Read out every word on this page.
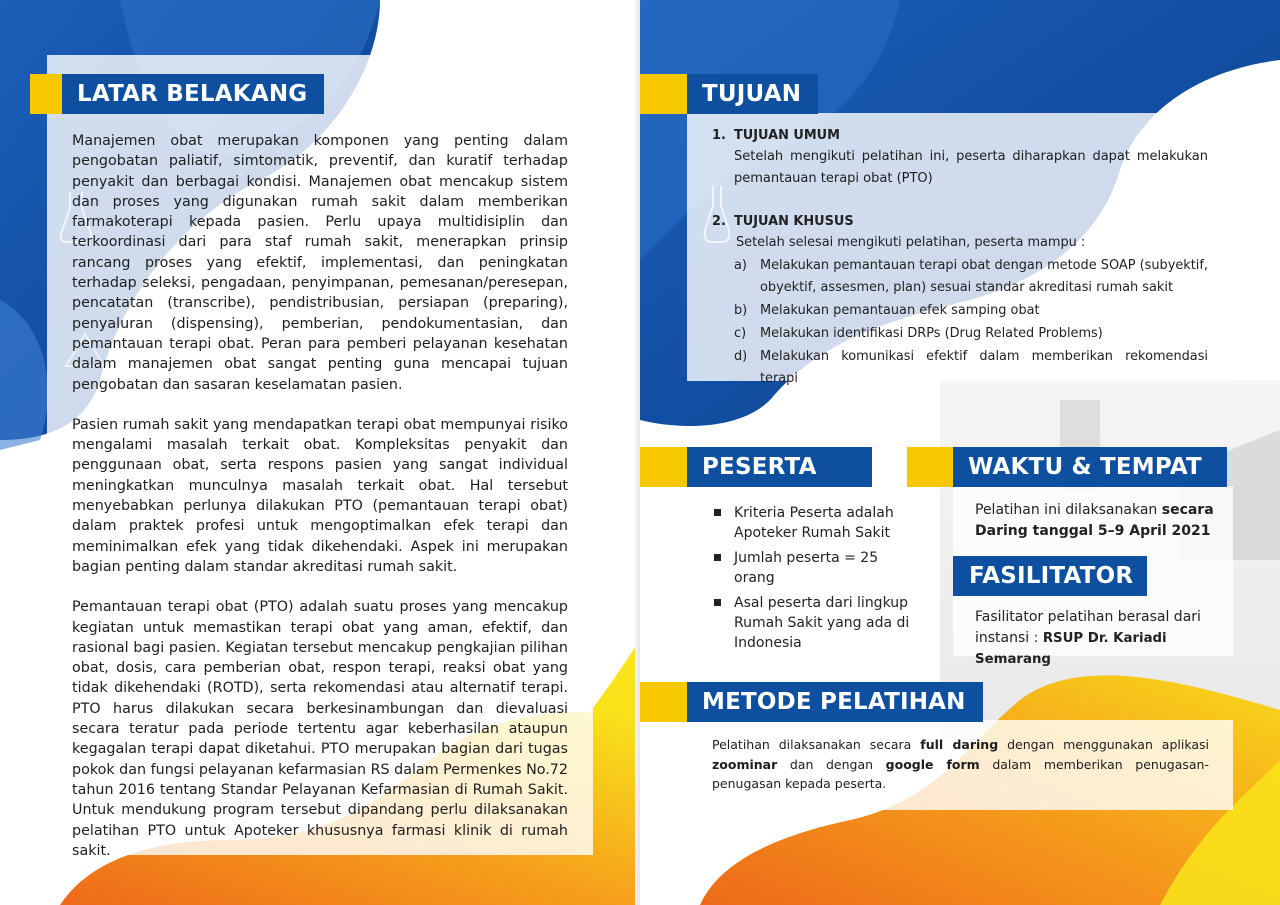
LATAR BELAKANG

Manajemen obat merupakan komponen yang penting dalam pengobatan paliatif, simtomatik, preventif, dan kuratif terhadap penyakit dan berbagai kondisi. Manajemen obat mencakup sistem dan proses yang digunakan rumah sakit dalam memberikan farmakoterapi kepada pasien. Perlu upaya multidisiplin dan terkoordinasi dari para staf rumah sakit, menerapkan prinsip rancang proses yang efektif, implementasi, dan peningkatan terhadap seleksi, pengadaan, penyimpanan, pemesanan/peresepan, pencatatan (transcribe), pendistribusian, persiapan (preparing), penyaluran (dispensing), pemberian, pendokumentasian, dan pemantauan terapi obat. Peran para pemberi pelayanan kesehatan dalam manajemen obat sangat penting guna mencapai tujuan pengobatan dan sasaran keselamatan pasien.

Pasien rumah sakit yang mendapatkan terapi obat mempunyai risiko mengalami masalah terkait obat. Kompleksitas penyakit dan penggunaan obat, serta respons pasien yang sangat individual meningkatkan munculnya masalah terkait obat. Hal tersebut menyebabkan perlunya dilakukan PTO (pemantauan terapi obat) dalam praktek profesi untuk mengoptimalkan efek terapi dan meminimalkan efek yang tidak dikehendaki. Aspek ini merupakan bagian penting dalam standar akreditasi rumah sakit.

Pemantauan terapi obat (PTO) adalah suatu proses yang mencakup kegiatan untuk memastikan terapi obat yang aman, efektif, dan rasional bagi pasien. Kegiatan tersebut mencakup pengkajian pilihan obat, dosis, cara pemberian obat, respon terapi, reaksi obat yang tidak dikehendaki (ROTD), serta rekomendasi atau alternatif terapi. PTO harus dilakukan secara berkesinambungan dan dievaluasi secara teratur pada periode tertentu agar keberhasilan ataupun kegagalan terapi dapat diketahui. PTO merupakan bagian dari tugas pokok dan fungsi pelayanan kefarmasian RS dalam Permenkes No.72 tahun 2016 tentang Standar Pelayanan Kefarmasian di Rumah Sakit. Untuk mendukung program tersebut dipandang perlu dilaksanakan pelatihan PTO untuk Apoteker khususnya farmasi klinik di rumah sakit.

TUJUAN
1. TUJUAN UMUM

Setelah mengikuti pelatihan ini, peserta diharapkan dapat melakukan pemantauan terapi obat (PTO)

2. TUJUAN KHUSUS
Setelah selesai mengikuti pelatihan, peserta mampu :
a)	Melakukan pemantauan terapi obat dengan metode SOAP (subyektif, obyektif, assesmen, plan) sesuai standar akreditasi rumah sakit
b) Melakukan pemantauan efek samping obat
c)	Melakukan identifikasi DRPs (Drug Related Problems)
d) Melakukan komunikasi efektif dalam memberikan rekomendasi terapi
PESERTA
Kriteria Peserta adalah Apoteker Rumah Sakit
Jumlah peserta = 25 orang
Asal peserta dari lingkup Rumah Sakit yang ada di Indonesia
WAKTU & TEMPAT
Pelatihan ini dilaksanakan secara Daring tanggal 5–9 April 2021
FASILITATOR
Fasilitator pelatihan berasal dari instansi : RSUP Dr. Kariadi Semarang
METODE PELATIHAN

Pelatihan dilaksanakan secara full daring dengan menggunakan aplikasi zoominar dan dengan google form dalam memberikan penugasan-penugasan kepada peserta.
